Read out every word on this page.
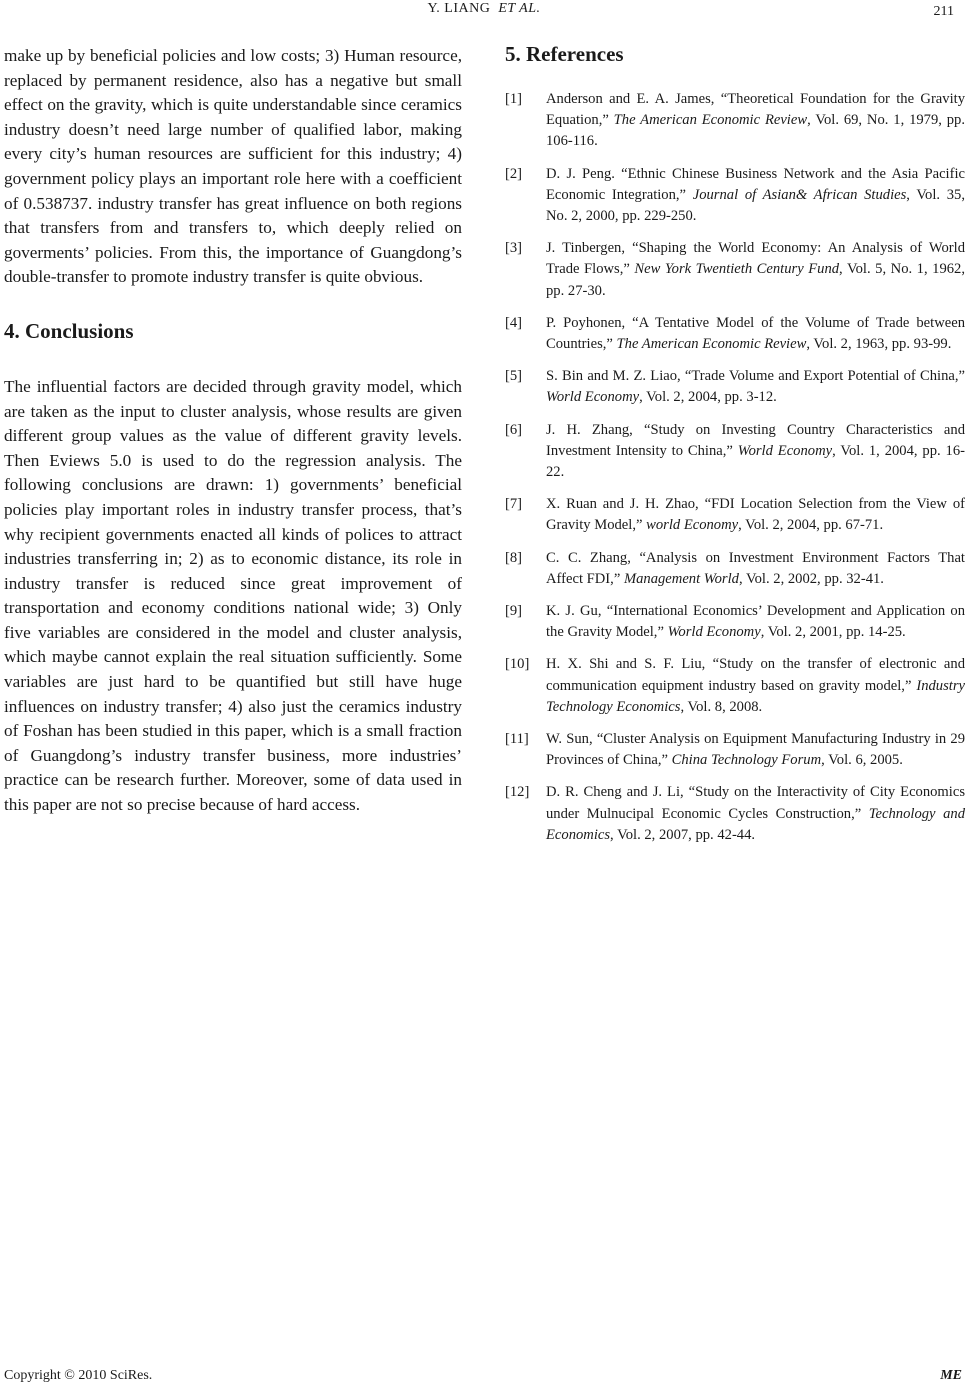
Y. LIANG ET AL.	211

make up by beneficial policies and low costs; 3) Human resource, replaced by permanent residence, also has a negative but small effect on the gravity, which is quite understandable since ceramics industry doesn’t need large number of qualified labor, making every city’s human resources are sufficient for this industry; 4) government policy plays an important role here with a coefficient of 0.538737. industry transfer has great influence on both regions that transfers from and transfers to, which deeply relied on goverments’ policies. From this, the importance of Guangdong’s double-transfer to promote industry transfer is quite obvious.

4. Conclusions

The influential factors are decided through gravity model, which are taken as the input to cluster analysis, whose results are given different group values as the value of different gravity levels. Then Eviews 5.0 is used to do the regression analysis. The following conclusions are drawn: 1) governments’ beneficial policies play important roles in industry transfer process, that’s why recipient governments enacted all kinds of polices to attract industries transferring in; 2) as to economic distance, its role in industry transfer is reduced since great improvement of transportation and economy conditions national wide; 3) Only five variables are considered in the model and cluster analysis, which maybe cannot explain the real situation sufficiently. Some variables are just hard to be quantified but still have huge influences on industry transfer; 4) also just the ceramics industry of Foshan has been studied in this paper, which is a small fraction of Guangdong’s industry transfer business, more industries’ practice can be research further. Moreover, some of data used in this paper are not so precise because of hard access.

5. References
[1]	Anderson and E. A. James, “Theoretical Foundation for the Gravity Equation,” The American Economic Review, Vol. 69, No. 1, 1979, pp. 106-116.
[2]	D. J. Peng. “Ethnic Chinese Business Network and the Asia Pacific Economic Integration,” Journal of Asian& African Studies, Vol. 35, No. 2, 2000, pp. 229-250.
[3]	J. Tinbergen, “Shaping the World Economy: An Analysis of World Trade Flows,” New York Twentieth Century Fund, Vol. 5, No. 1, 1962, pp. 27-30.
[4]	P. Poyhonen, “A Tentative Model of the Volume of Trade between Countries,” The American Economic Review, Vol. 2, 1963, pp. 93-99.
[5]	S. Bin and M. Z. Liao, “Trade Volume and Export Potential of China,” World Economy, Vol. 2, 2004, pp. 3-12.
[6]	J. H. Zhang, “Study on Investing Country Characteristics and Investment Intensity to China,” World Economy, Vol. 1, 2004, pp. 16-22.
[7]	X. Ruan and J. H. Zhao, “FDI Location Selection from the View of Gravity Model,” world Economy, Vol. 2, 2004, pp. 67-71.
[8]	C. C. Zhang, “Analysis on Investment Environment Factors That Affect FDI,” Management World, Vol. 2, 2002, pp. 32-41.
[9]	K. J. Gu, “International Economics’ Development and Application on the Gravity Model,” World Economy, Vol. 2, 2001, pp. 14-25.
[10]	H. X. Shi and S. F. Liu, “Study on the transfer of electronic and communication equipment industry based on gravity model,” Industry Technology Economics, Vol. 8, 2008.
[11]	W. Sun, “Cluster Analysis on Equipment Manufacturing Industry in 29 Provinces of China,” China Technology Forum, Vol. 6, 2005.
[12]	D. R. Cheng and J. Li, “Study on the Interactivity of City Economics under Mulnucipal Economic Cycles Construction,” Technology and Economics, Vol. 2, 2007, pp. 42-44.
Copyright © 2010 SciRes.	ME
